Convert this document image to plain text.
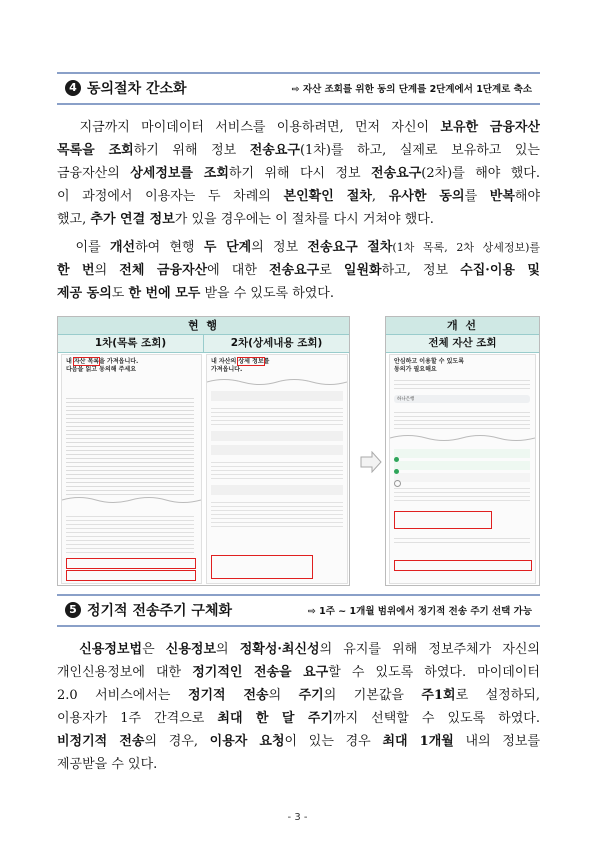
4 동의절차 간소화	⇨ 자산 조회를 위한 동의 단계를 2단계에서 1단계로 축소
지금까지 마이데이터 서비스를 이용하려면, 먼저 자신이 보유한 금융자산
목록을 조회하기 위해 정보 전송요구(1차)를 하고, 실제로 보유하고 있는
금융자산의 상세정보를 조회하기 위해 다시 정보 전송요구(2차)를 해야 했다.
이 과정에서 이용자는 두 차례의 본인확인 절차, 유사한 동의를 반복해야
했고, 추가 연결 정보가 있을 경우에는 이 절차를 다시 거쳐야 했다.
이를 개선하여 현행 두 단계의 정보 전송요구 절차(1차 목록, 2차 상세정보)를
한 번의 전체 금융자산에 대한 전송요구로 일원화하고, 정보 수집·이용 및
제공 동의도 한 번에 모두 받을 수 있도록 하였다.
현 행
1차(목록 조회)	2차(상세내용 조회)
내 자산 목록을 가져옵니다.
다음을 읽고 동의해 주세요
내 자산의 상세 정보를
가져옵니다.
개 선
전체 자산 조회
안심하고 이용할 수 있도록
동의가 필요해요
하나은행
5 정기적 전송주기 구체화	⇨ 1주 ~ 1개월 범위에서 정기적 전송 주기 선택 가능
신용정보법은 신용정보의 정확성·최신성의 유지를 위해 정보주체가 자신의
개인신용정보에 대한 정기적인 전송을 요구할 수 있도록 하였다. 마이데이터
2.0 서비스에서는 정기적 전송의 주기의 기본값을 주1회로 설정하되,
이용자가 1주 간격으로 최대 한 달 주기까지 선택할 수 있도록 하였다.
비정기적 전송의 경우, 이용자 요청이 있는 경우 최대 1개월 내의 정보를
제공받을 수 있다.
- 3 -
